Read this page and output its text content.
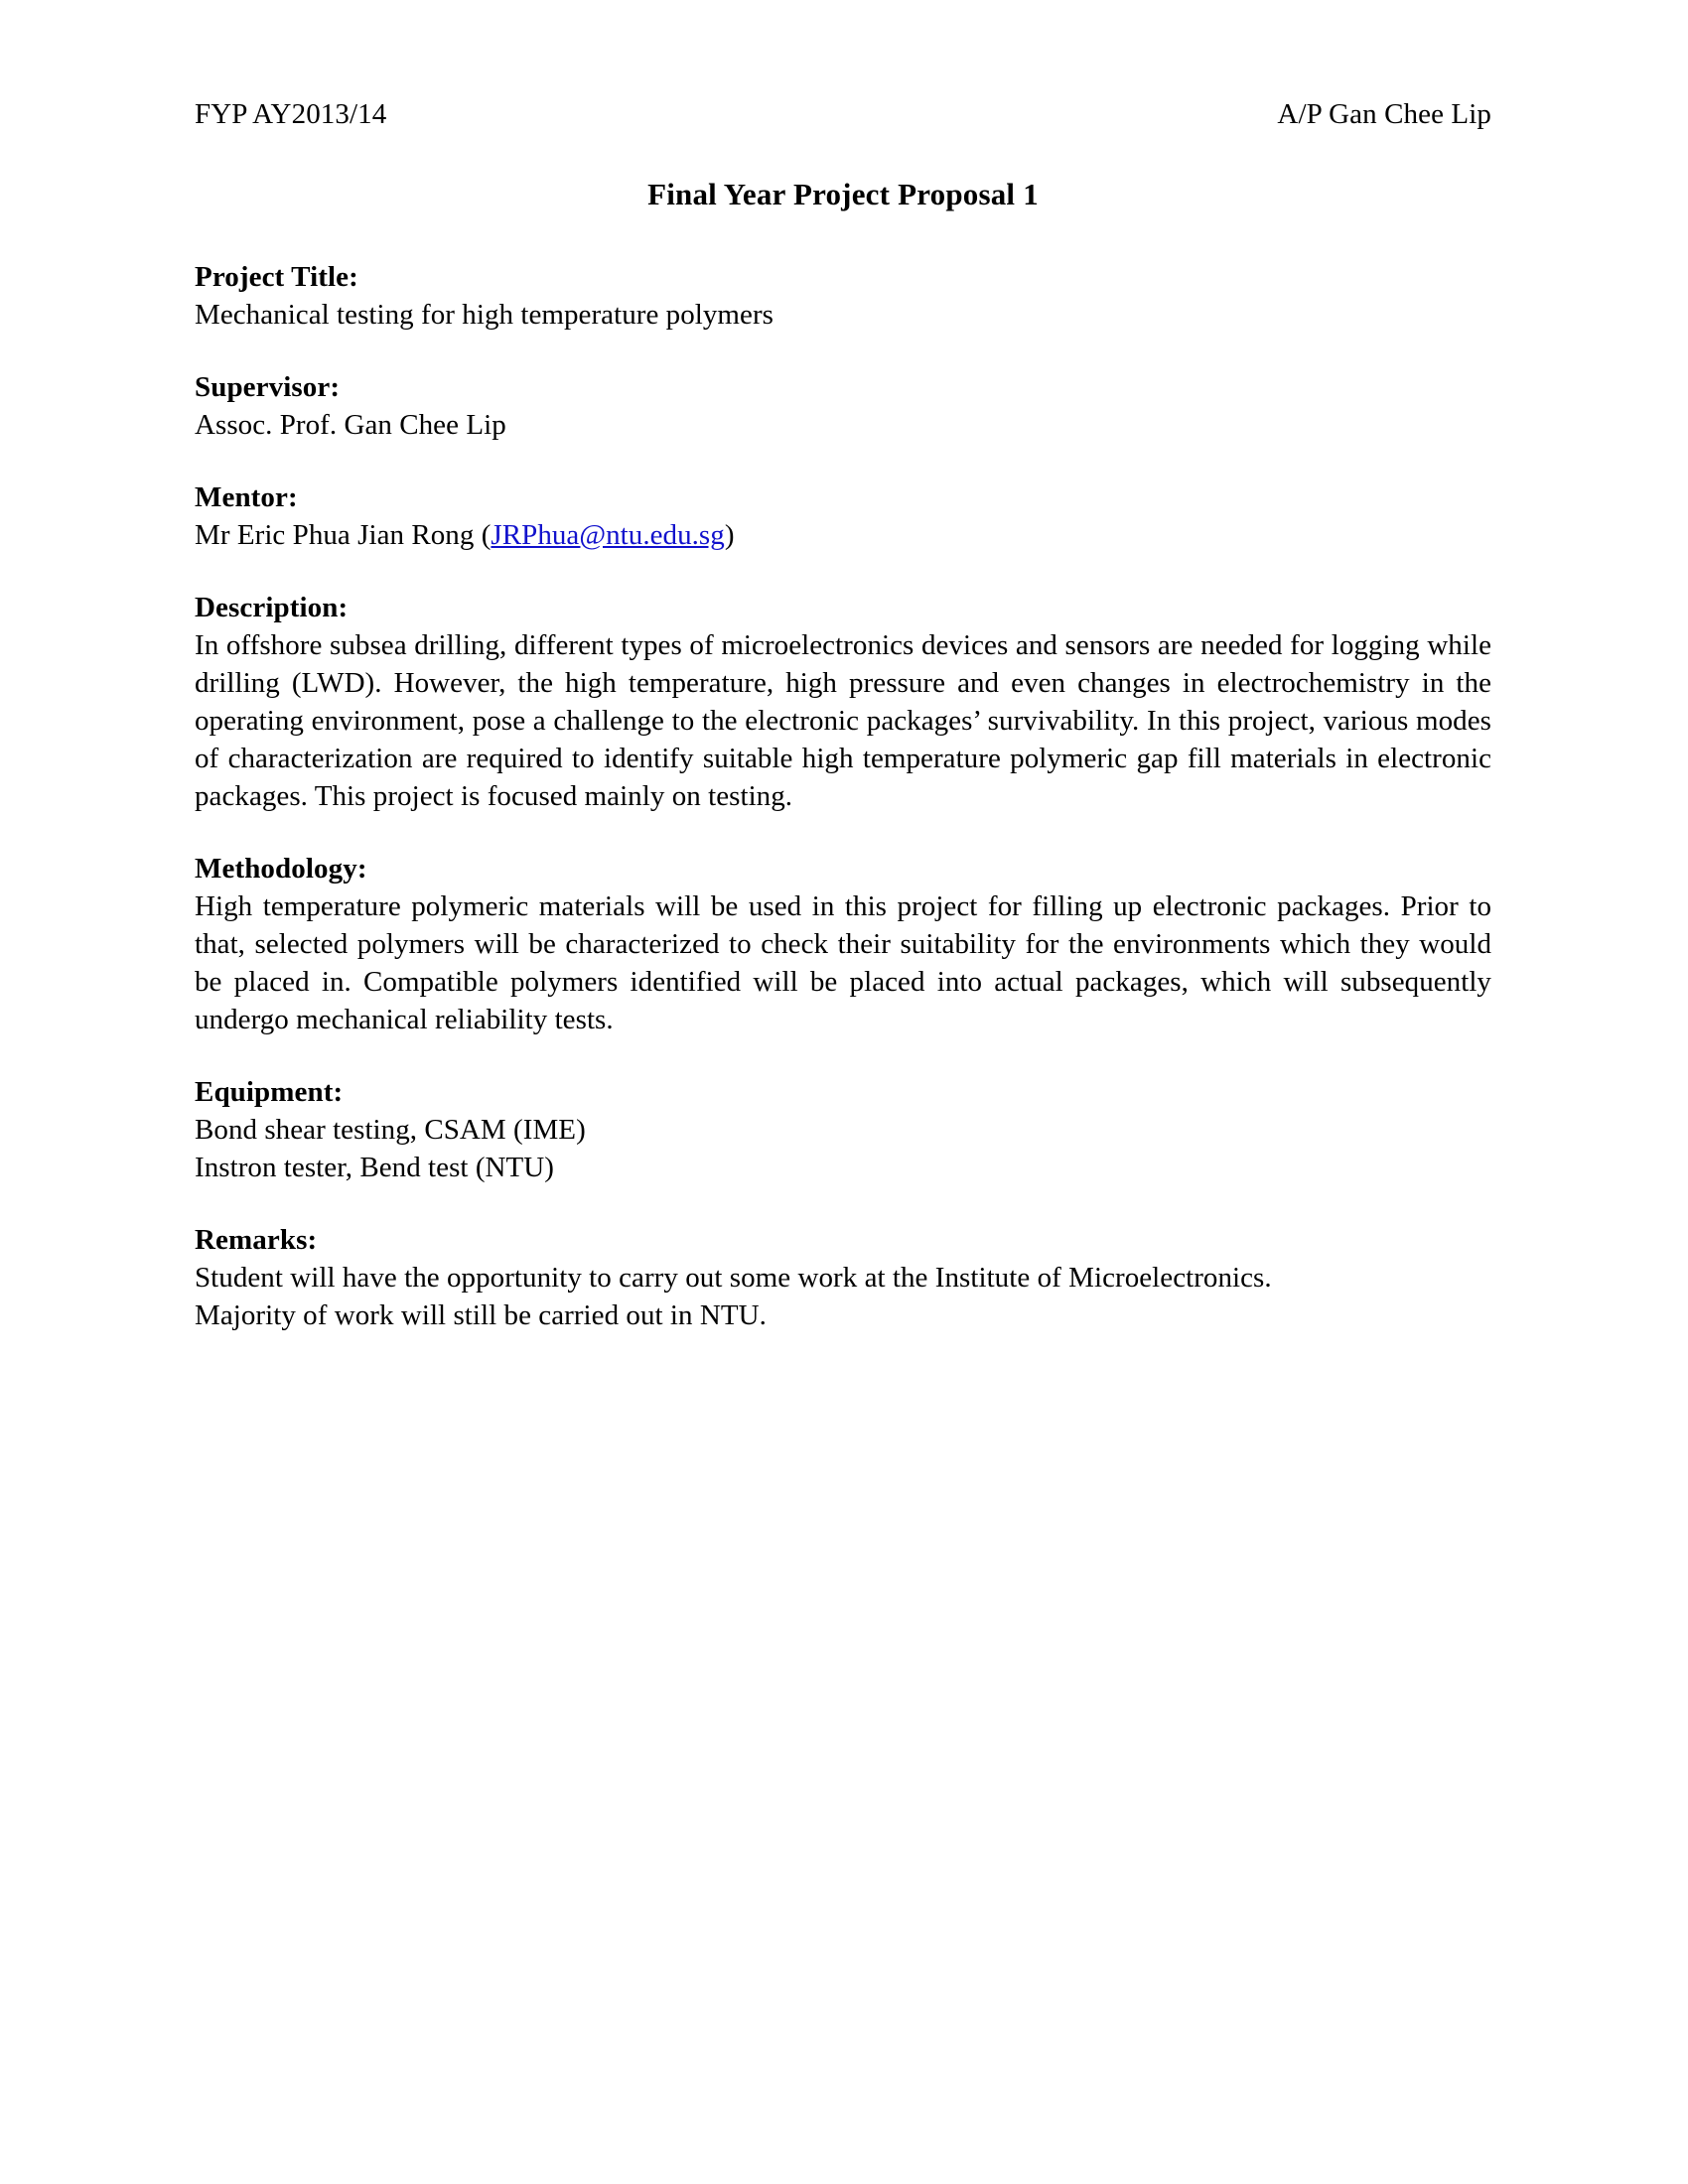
FYP AY2013/14	A/P Gan Chee Lip
Final Year Project Proposal 1
Project Title:
Mechanical testing for high temperature polymers
Supervisor:
Assoc. Prof. Gan Chee Lip
Mentor:
Mr Eric Phua Jian Rong (JRPhua@ntu.edu.sg)
Description:
In offshore subsea drilling, different types of microelectronics devices and sensors are needed for logging while drilling (LWD). However, the high temperature, high pressure and even changes in electrochemistry in the operating environment, pose a challenge to the electronic packages’ survivability. In this project, various modes of characterization are required to identify suitable high temperature polymeric gap fill materials in electronic packages. This project is focused mainly on testing.
Methodology:
High temperature polymeric materials will be used in this project for filling up electronic packages. Prior to that, selected polymers will be characterized to check their suitability for the environments which they would be placed in. Compatible polymers identified will be placed into actual packages, which will subsequently undergo mechanical reliability tests.
Equipment:
Bond shear testing, CSAM (IME)
Instron tester, Bend test (NTU)
Remarks:
Student will have the opportunity to carry out some work at the Institute of Microelectronics.
Majority of work will still be carried out in NTU.
